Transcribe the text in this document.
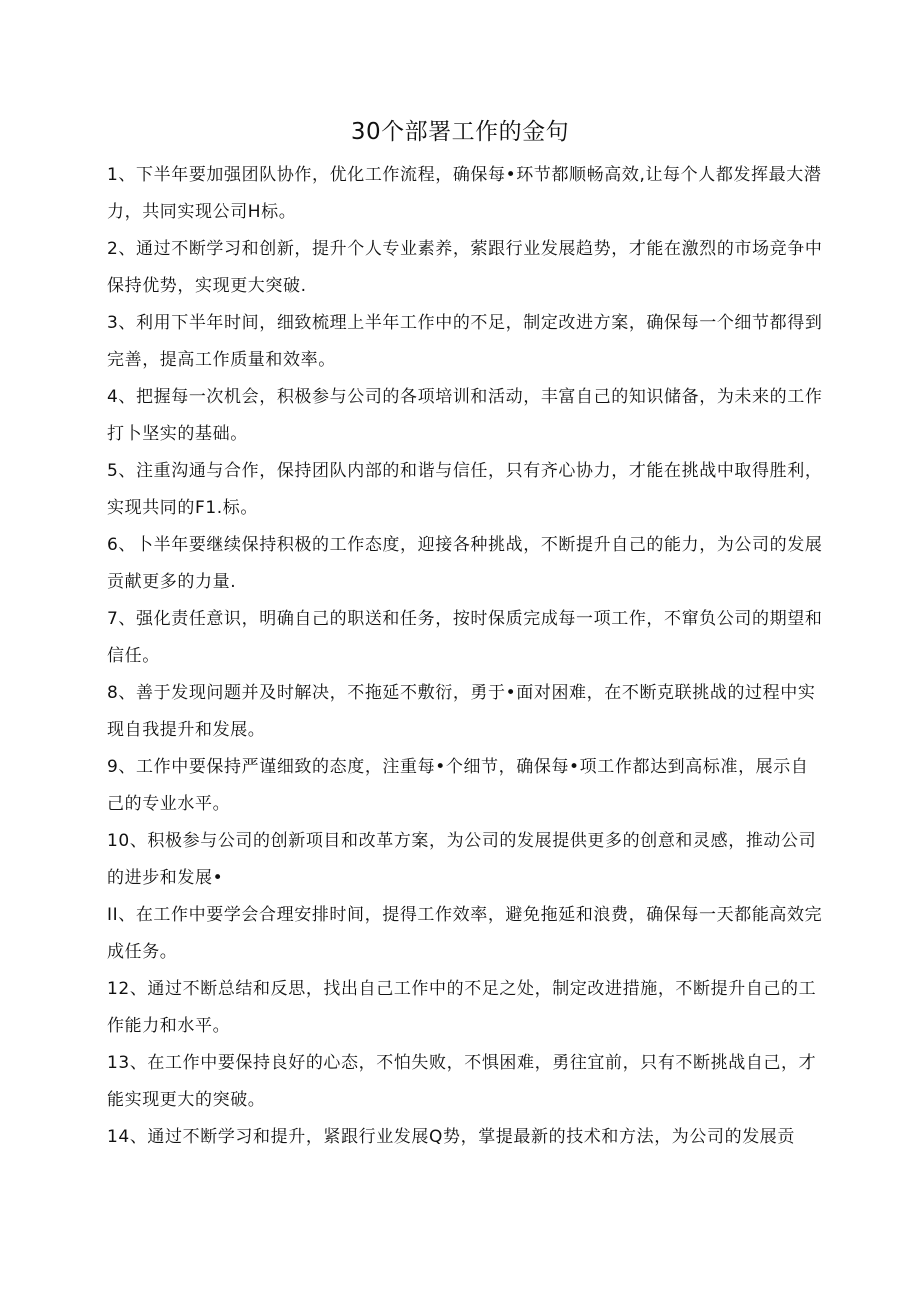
30个部署工作的金句
1、下半年要加强团队协作，优化工作流程，确保每•环节都顺畅高效,让每个人都发挥最大潜力，共同实现公司H标。
2、通过不断学习和创新，提升个人专业素养，萦跟行业发展趋势，才能在激烈的市场竞争中保持优势，实现更大突破.
3、利用下半年时间，细致梳理上半年工作中的不足，制定改进方案，确保每一个细节都得到完善，提高工作质量和效率。
4、把握每一次机会，积极参与公司的各项培训和活动，丰富自己的知识储备，为未来的工作打卜坚实的基础。
5、注重沟通与合作，保持团队内部的和谐与信任，只有齐心协力，才能在挑战中取得胜利，实现共同的F1.标。
6、卜半年要继续保持积极的工作态度，迎接各种挑战，不断提升自己的能力，为公司的发展贡献更多的力量.
7、强化责任意识，明确自己的职送和任务，按时保质完成每一项工作，不窜负公司的期望和信任。
8、善于发现问题并及时解决，不拖延不敷衍，勇于•面对困难，在不断克联挑战的过程中实现自我提升和发展。
9、工作中要保持严谨细致的态度，注重每•个细节，确保每•项工作都达到高标准，展示自己的专业水平。
10、积极参与公司的创新项目和改革方案，为公司的发展提供更多的创意和灵感，推动公司的进步和发展•
II、在工作中要学会合理安排时间，提得工作效率，避免拖延和浪费，确保每一天都能高效完成任务。
12、通过不断总结和反思，找出自己工作中的不足之处，制定改进措施，不断提升自己的工作能力和水平。
13、在工作中要保持良好的心态，不怕失败，不惧困难，勇往宜前，只有不断挑战自己，才能实现更大的突破。
14、通过不断学习和提升，紧跟行业发展Q势，掌提最新的技术和方法，为公司的发展贡
